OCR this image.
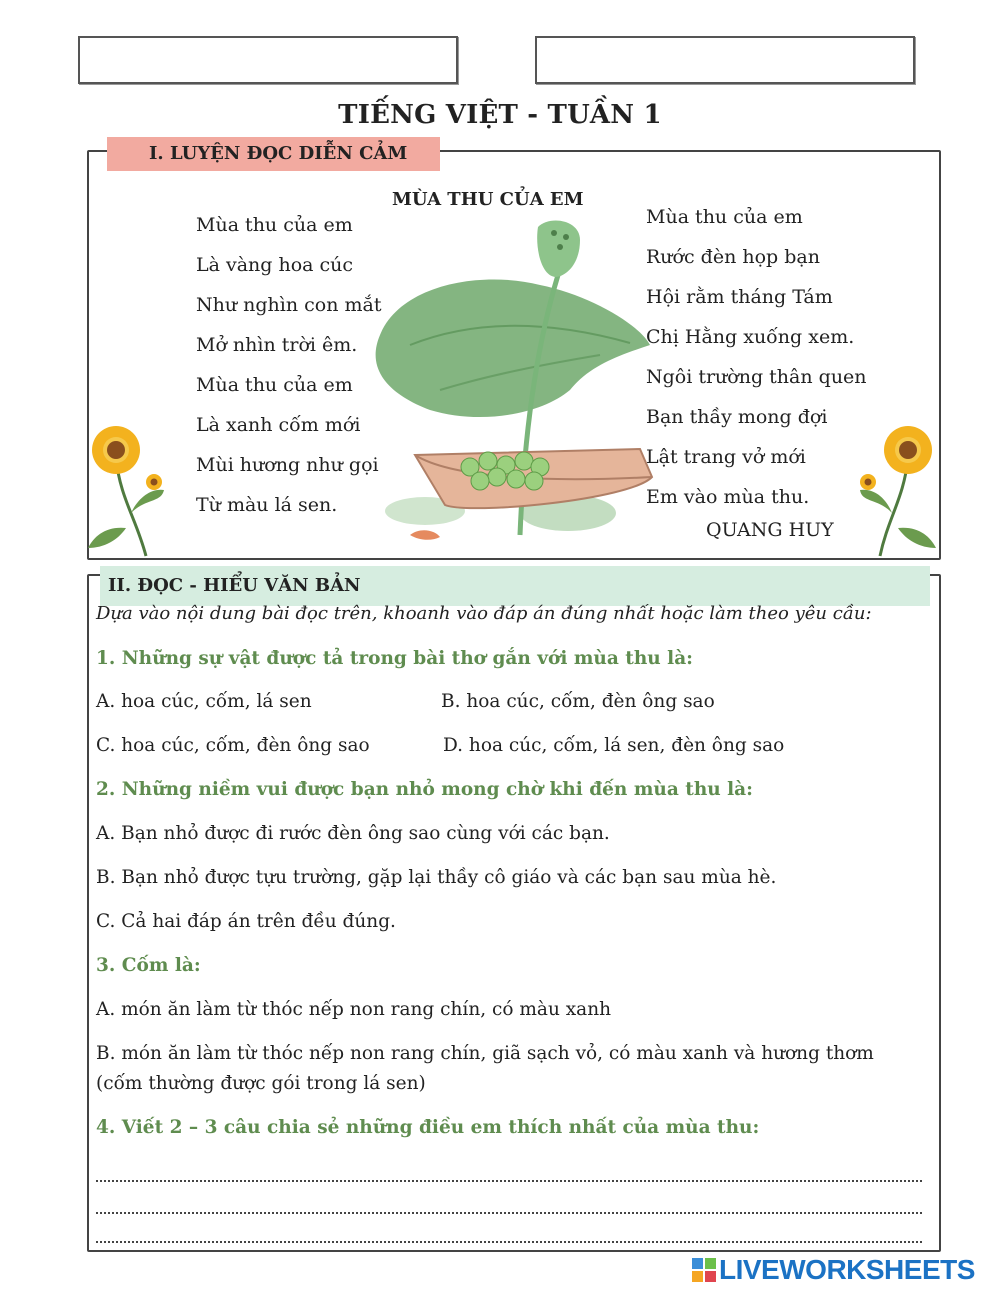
TIẾNG VIỆT - TUẦN 1
I. LUYỆN ĐỌC DIỄN CẢM
MÙA THU CỦA EM
Mùa thu của em
Là vàng hoa cúc
Như nghìn con mắt
Mở nhìn trời êm.
Mùa thu của em
Là xanh cốm mới
Mùi hương như gọi
Từ màu lá sen.
Mùa thu của em
Rước đèn họp bạn
Hội rằm tháng Tám
Chị Hằng xuống xem.
Ngôi trường thân quen
Bạn thầy mong đợi
Lật trang vở mới
Em vào mùa thu.
QUANG HUY
II. ĐỌC - HIỂU VĂN BẢN
Dựa vào nội dung bài đọc trên, khoanh vào đáp án đúng nhất hoặc làm theo yêu cầu:
1. Những sự vật được tả trong bài thơ gắn với mùa thu là:
A. hoa cúc, cốm, lá sen	B. hoa cúc, cốm, đèn ông sao
C. hoa cúc, cốm, đèn ông sao	D. hoa cúc, cốm, lá sen, đèn ông sao
2. Những niềm vui được bạn nhỏ mong chờ khi đến mùa thu là:
A. Bạn nhỏ được đi rước đèn ông sao cùng với các bạn.
B. Bạn nhỏ được tựu trường, gặp lại thầy cô giáo và các bạn sau mùa hè.
C. Cả hai đáp án trên đều đúng.
3. Cốm là:
A. món ăn làm từ thóc nếp non rang chín, có màu xanh
B. món ăn làm từ thóc nếp non rang chín, giã sạch vỏ, có màu xanh và hương thơm
(cốm thường được gói trong lá sen)
4. Viết 2 – 3 câu chia sẻ những điều em thích nhất của mùa thu:
LIVEWORKSHEETS
